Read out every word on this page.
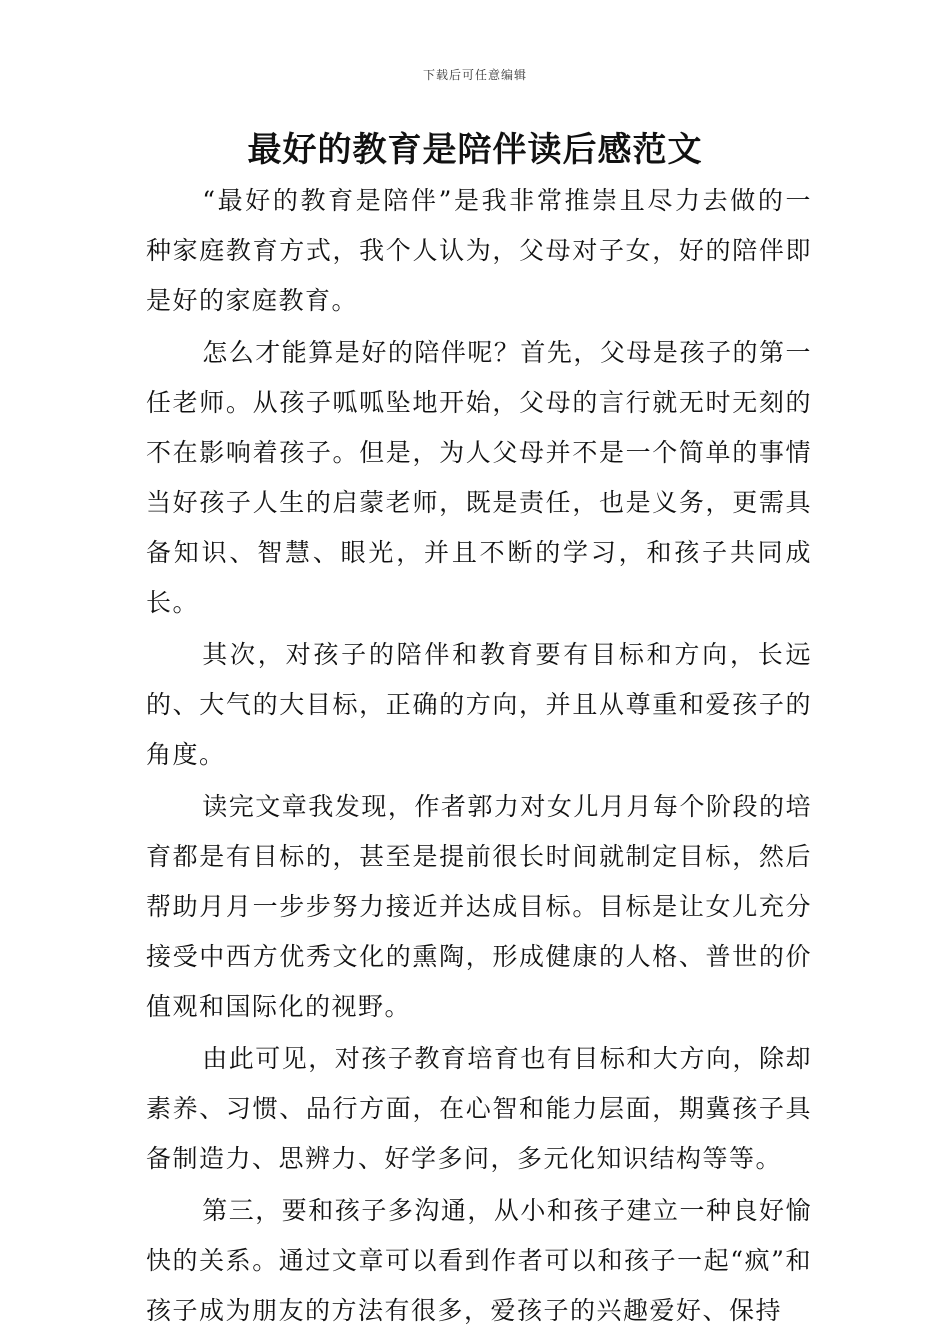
下载后可任意编辑
最好的教育是陪伴读后感范文

“最好的教育是陪伴”是我非常推崇且尽力去做的一种家庭教育方式，我个人认为，父母对子女，好的陪伴即是好的家庭教育。

怎么才能算是好的陪伴呢？首先，父母是孩子的第一任老师。从孩子呱呱坠地开始，父母的言行就无时无刻的不在影响着孩子。但是，为人父母并不是一个简单的事情当好孩子人生的启蒙老师，既是责任，也是义务，更需具备知识、智慧、眼光，并且不断的学习，和孩子共同成长。

其次，对孩子的陪伴和教育要有目标和方向，长远的、大气的大目标，正确的方向，并且从尊重和爱孩子的角度。

读完文章我发现，作者郭力对女儿月月每个阶段的培育都是有目标的，甚至是提前很长时间就制定目标，然后帮助月月一步步努力接近并达成目标。目标是让女儿充分接受中西方优秀文化的熏陶，形成健康的人格、普世的价值观和国际化的视野。

由此可见，对孩子教育培育也有目标和大方向，除却素养、习惯、品行方面，在心智和能力层面，期冀孩子具备制造力、思辨力、好学多问，多元化知识结构等等。

第三，要和孩子多沟通，从小和孩子建立一种良好愉快的关系。通过文章可以看到作者可以和孩子一起“疯”和孩子成为朋友的方法有很多，爱孩子的兴趣爱好、保持
